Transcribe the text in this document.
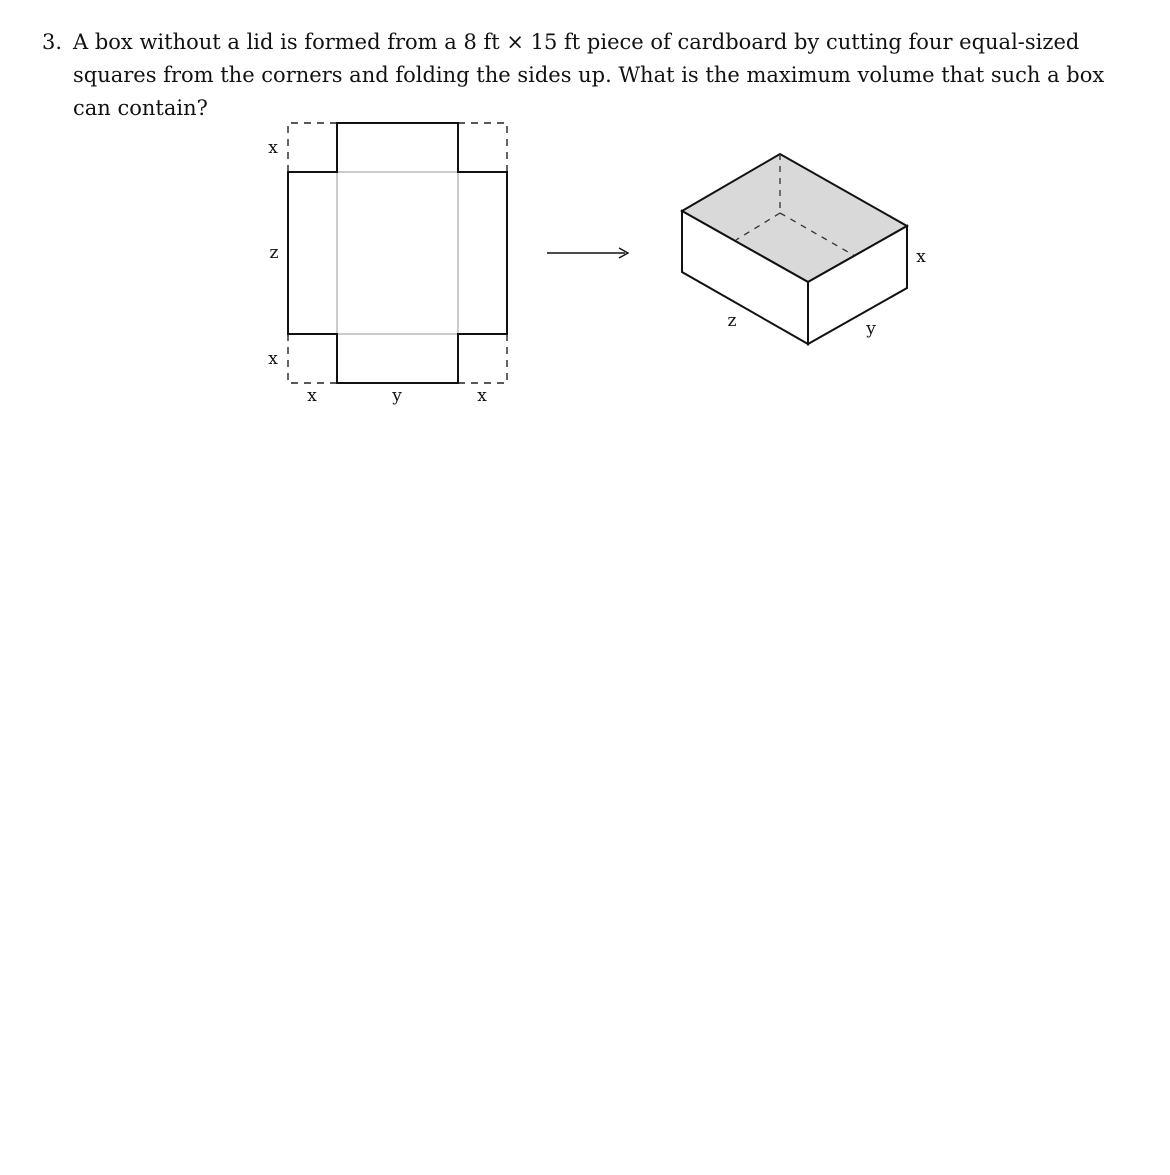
3. A box without a lid is formed from a 8 ft × 15 ft piece of cardboard by cutting four equal-sized squares from the corners and folding the sides up. What is the maximum volume that such a box can contain?
x
z
x
x	y	x
z	y
x
